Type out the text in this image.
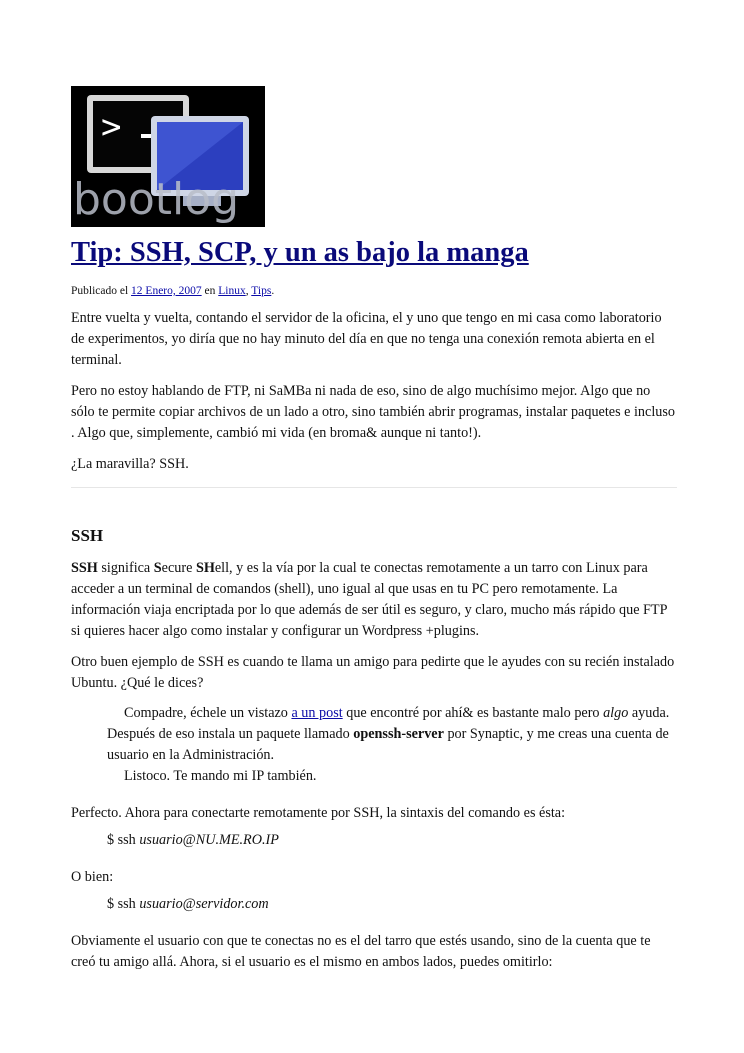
>
bootlog
Tip: SSH, SCP, y un as bajo la manga
Publicado el 12 Enero, 2007 en Linux, Tips.

Entre vuelta y vuelta, contando el servidor de la oficina, el y uno que tengo en mi casa como laboratorio de experimentos, yo diría que no hay minuto del día en que no tenga una conexión remota abierta en el terminal.

Pero no estoy hablando de FTP, ni SaMBa ni nada de eso, sino de algo muchísimo mejor. Algo que no sólo te permite copiar archivos de un lado a otro, sino también abrir programas, instalar paquetes e incluso . Algo que, simplemente, cambió mi vida (en broma& aunque ni tanto!).

¿La maravilla? SSH.

SSH

SSH significa Secure SHell, y es la vía por la cual te conectas remotamente a un tarro con Linux para acceder a un terminal de comandos (shell), uno igual al que usas en tu PC pero remotamente. La información viaja encriptada por lo que además de ser útil es seguro, y claro, mucho más rápido que FTP si quieres hacer algo como instalar y configurar un Wordpress +plugins.

Otro buen ejemplo de SSH es cuando te llama un amigo para pedirte que le ayudes con su recién instalado Ubuntu. ¿Qué le dices?

Compadre, échele un vistazo a un post que encontré por ahí& es bastante malo pero algo ayuda. Después de eso instala un paquete llamado openssh-server por Synaptic, y me creas una cuenta de usuario en la Administración.

Listoco. Te mando mi IP también.

Perfecto. Ahora para conectarte remotamente por SSH, la sintaxis del comando es ésta:

$ ssh usuario@NU.ME.RO.IP

O bien:

$ ssh usuario@servidor.com

Obviamente el usuario con que te conectas no es el del tarro que estés usando, sino de la cuenta que te creó tu amigo allá. Ahora, si el usuario es el mismo en ambos lados, puedes omitirlo:
